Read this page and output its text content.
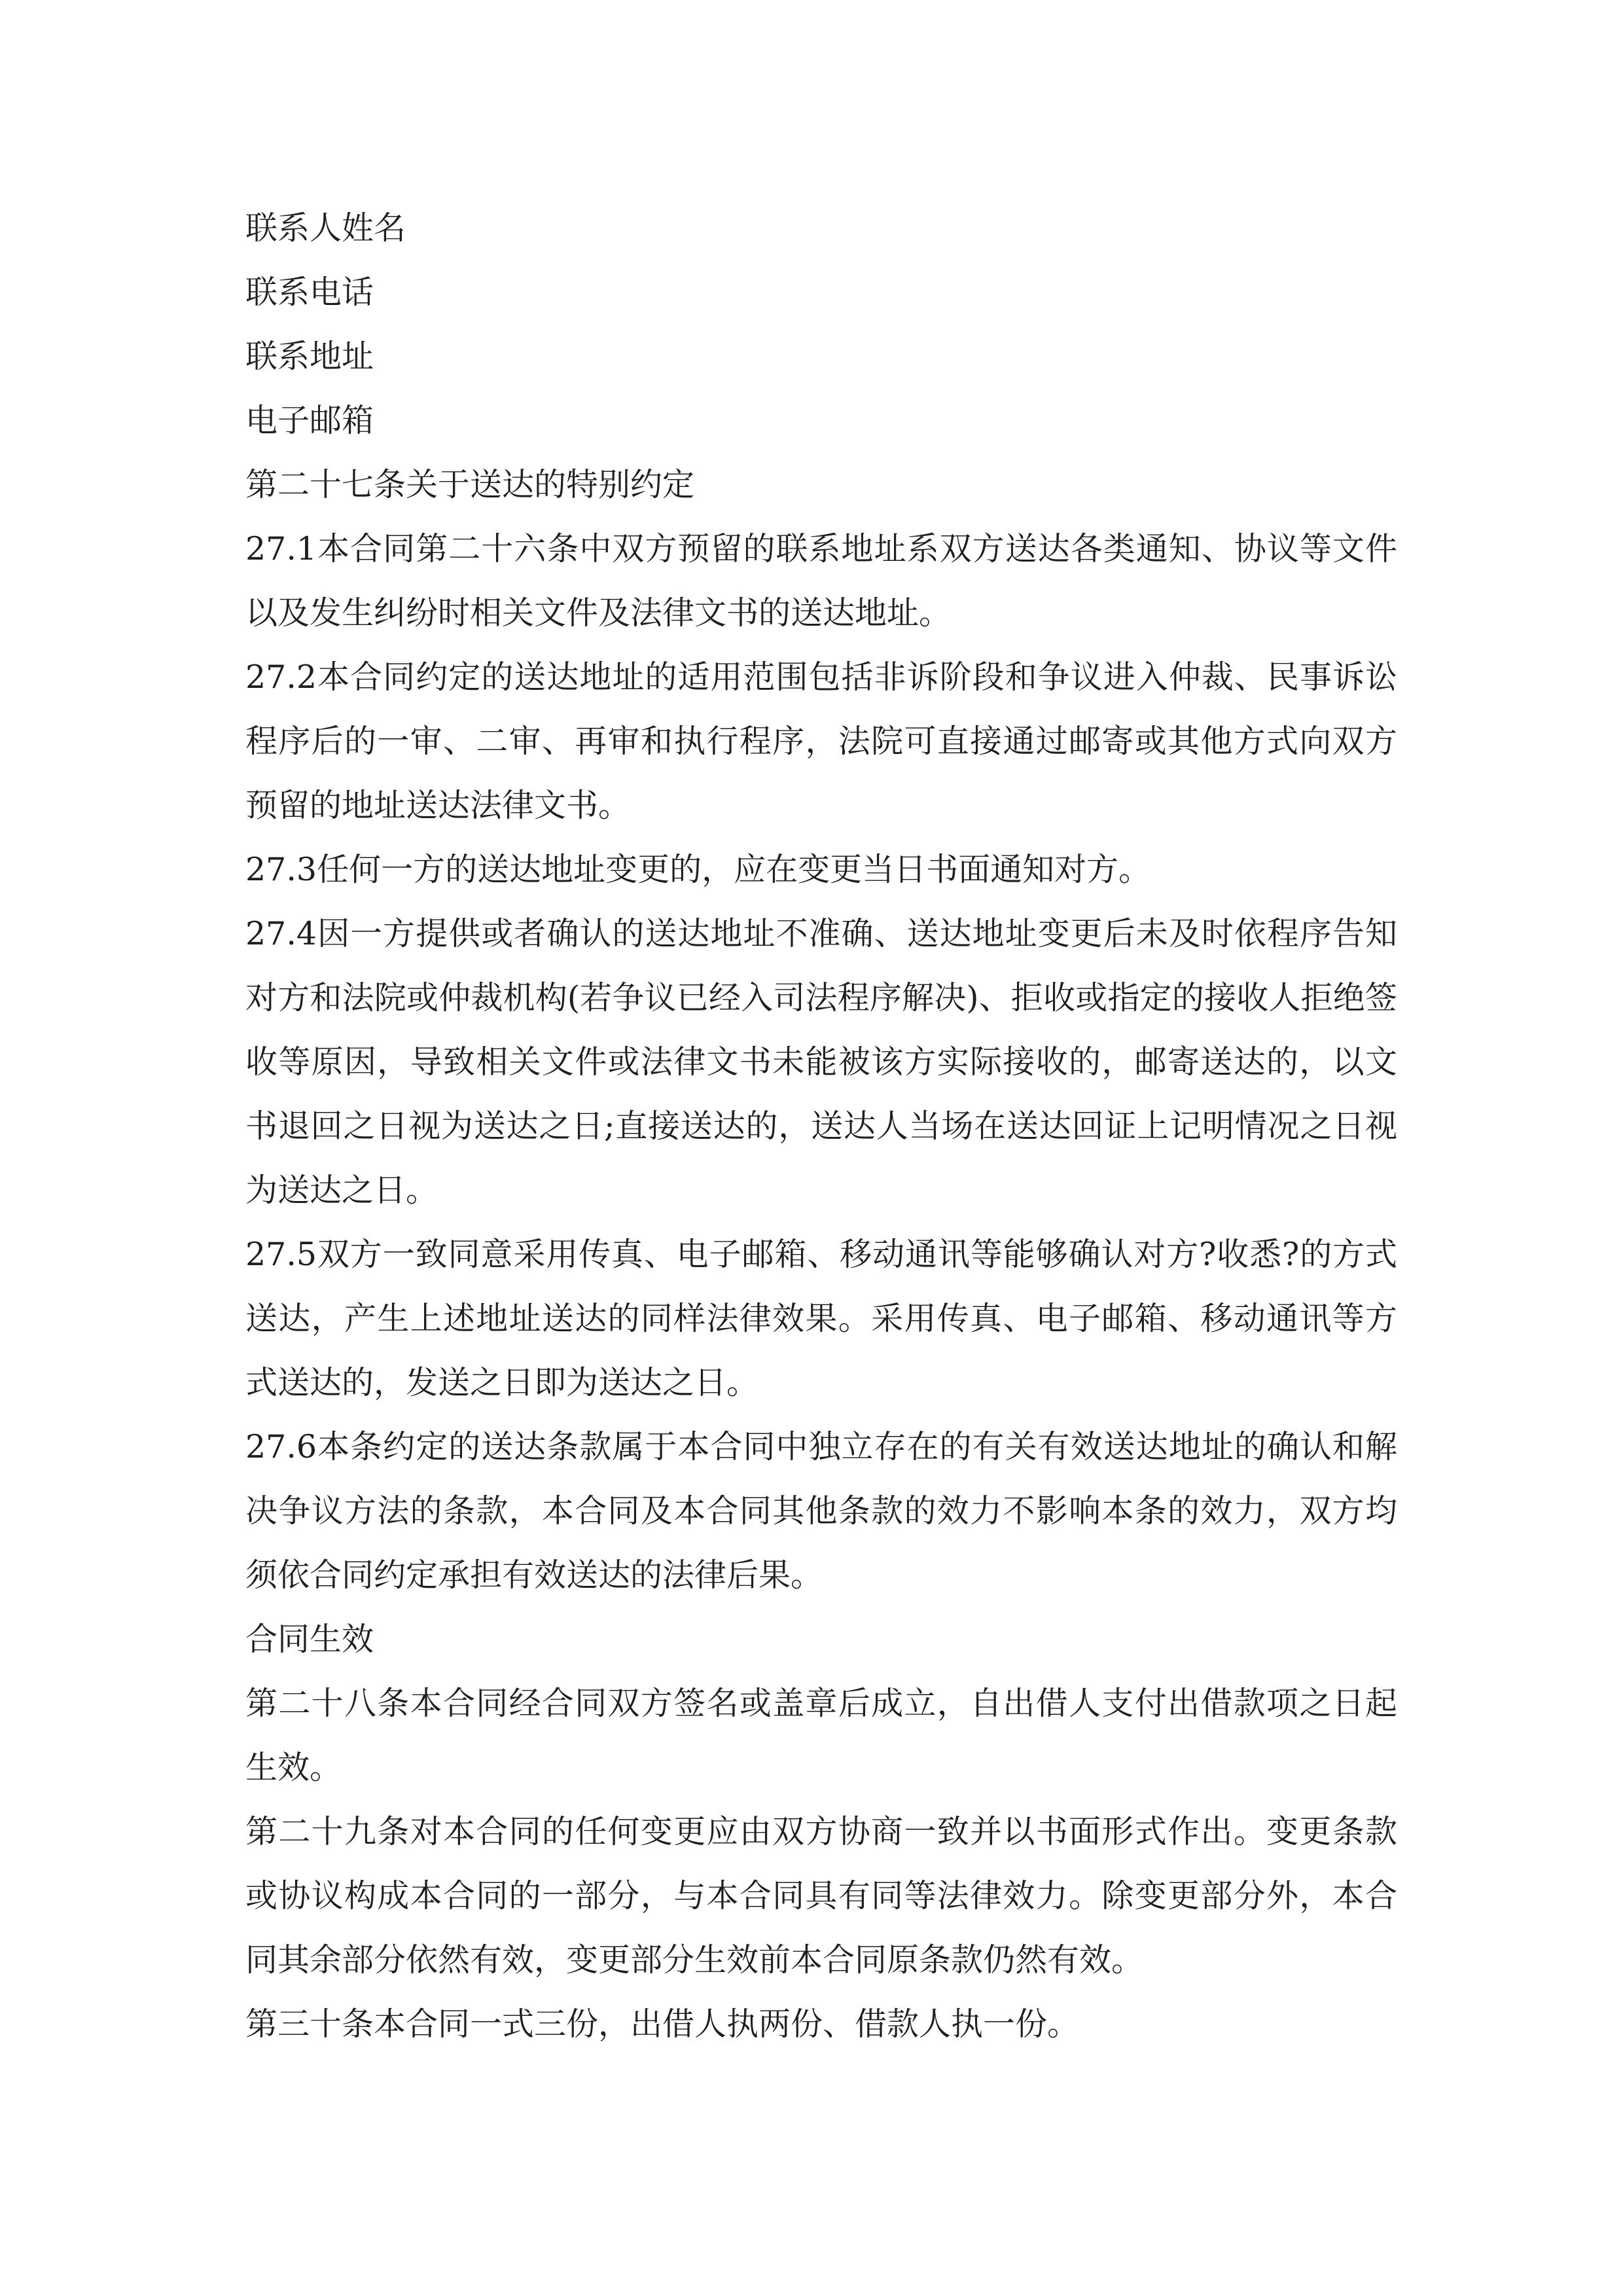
联系人姓名

联系电话

联系地址

电子邮箱

第二十七条关于送达的特别约定

27.1本合同第二十六条中双方预留的联系地址系双方送达各类通知、协议等文件以及发生纠纷时相关文件及法律文书的送达地址。

27.2本合同约定的送达地址的适用范围包括非诉阶段和争议进入仲裁、民事诉讼程序后的一审、二审、再审和执行程序，法院可直接通过邮寄或其他方式向双方预留的地址送达法律文书。

27.3任何一方的送达地址变更的，应在变更当日书面通知对方。

27.4因一方提供或者确认的送达地址不准确、送达地址变更后未及时依程序告知对方和法院或仲裁机构(若争议已经入司法程序解决)、拒收或指定的接收人拒绝签收等原因，导致相关文件或法律文书未能被该方实际接收的，邮寄送达的，以文书退回之日视为送达之日;直接送达的，送达人当场在送达回证上记明情况之日视为送达之日。

27.5双方一致同意采用传真、电子邮箱、移动通讯等能够确认对方?收悉?的方式送达，产生上述地址送达的同样法律效果。采用传真、电子邮箱、移动通讯等方式送达的，发送之日即为送达之日。

27.6本条约定的送达条款属于本合同中独立存在的有关有效送达地址的确认和解决争议方法的条款，本合同及本合同其他条款的效力不影响本条的效力，双方均须依合同约定承担有效送达的法律后果。

合同生效

第二十八条本合同经合同双方签名或盖章后成立，自出借人支付出借款项之日起生效。

第二十九条对本合同的任何变更应由双方协商一致并以书面形式作出。变更条款或协议构成本合同的一部分，与本合同具有同等法律效力。除变更部分外，本合同其余部分依然有效，变更部分生效前本合同原条款仍然有效。

第三十条本合同一式三份，出借人执两份、借款人执一份。
